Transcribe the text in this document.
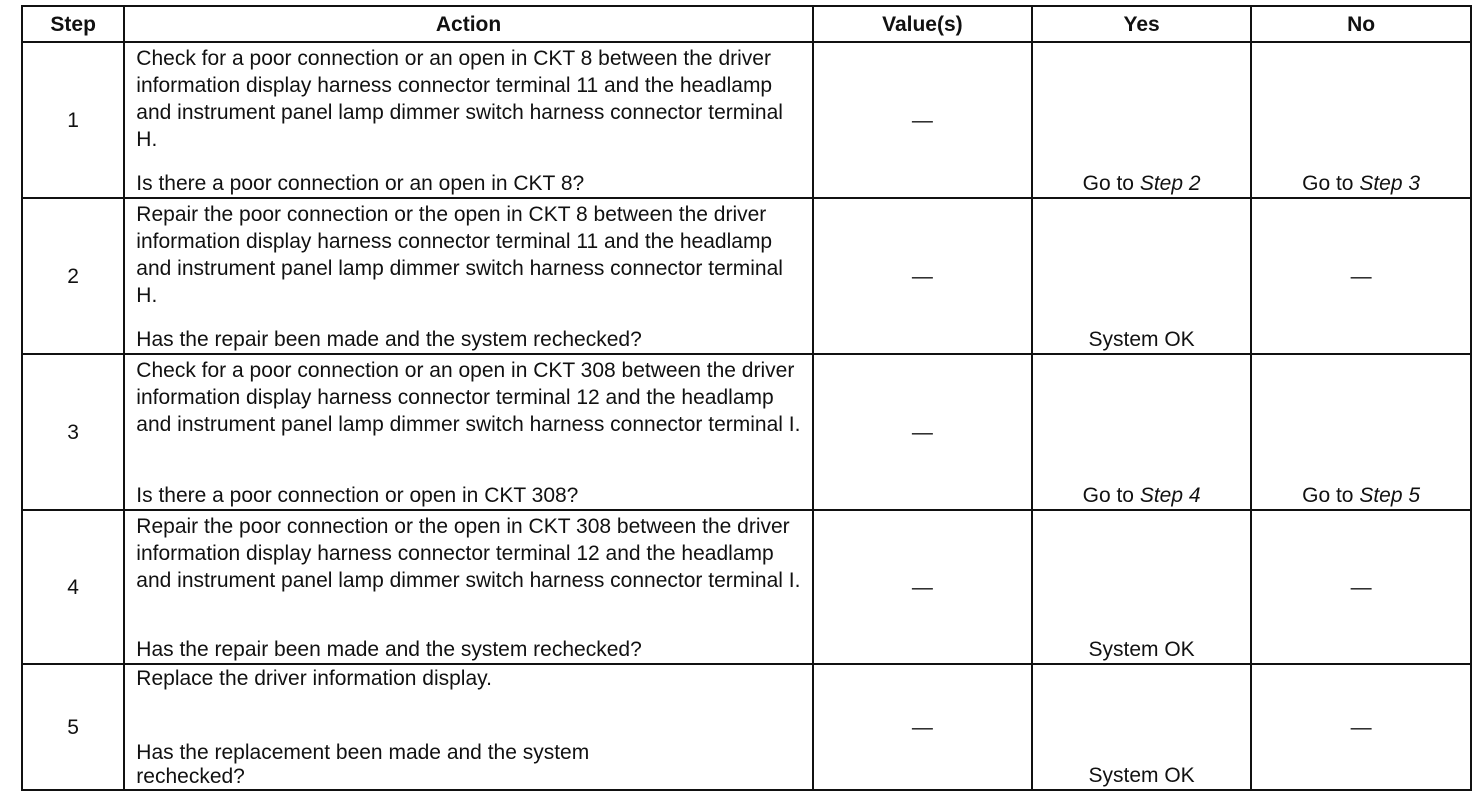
Step	Action	Value(s)	Yes	No
1	Check for a poor connection or an open in CKT 8 between the driver information display harness connector terminal 11 and the headlamp and instrument panel lamp dimmer switch harness connector terminal H.
Is there a poor connection or an open in CKT 8?	—	Go to Step 2	Go to Step 3

2	Repair the poor connection or the open in CKT 8 between the driver information display harness connector terminal 11 and the headlamp and instrument panel lamp dimmer switch harness connector terminal H.
Has the repair been made and the system rechecked?	—	System OK	—
3	Check for a poor connection or an open in CKT 308 between the driver information display harness connector terminal 12 and the headlamp and instrument panel lamp dimmer switch harness connector terminal I.
Is there a poor connection or open in CKT 308?	—	Go to Step 4	Go to Step 5

4	Repair the poor connection or the open in CKT 308 between the driver information display harness connector terminal 12 and the headlamp and instrument panel lamp dimmer switch harness connector terminal I.
Has the repair been made and the system rechecked?	—	System OK	—
5	Replace the driver information display.
Has the replacement been made and the system rechecked?	—	System OK	—
